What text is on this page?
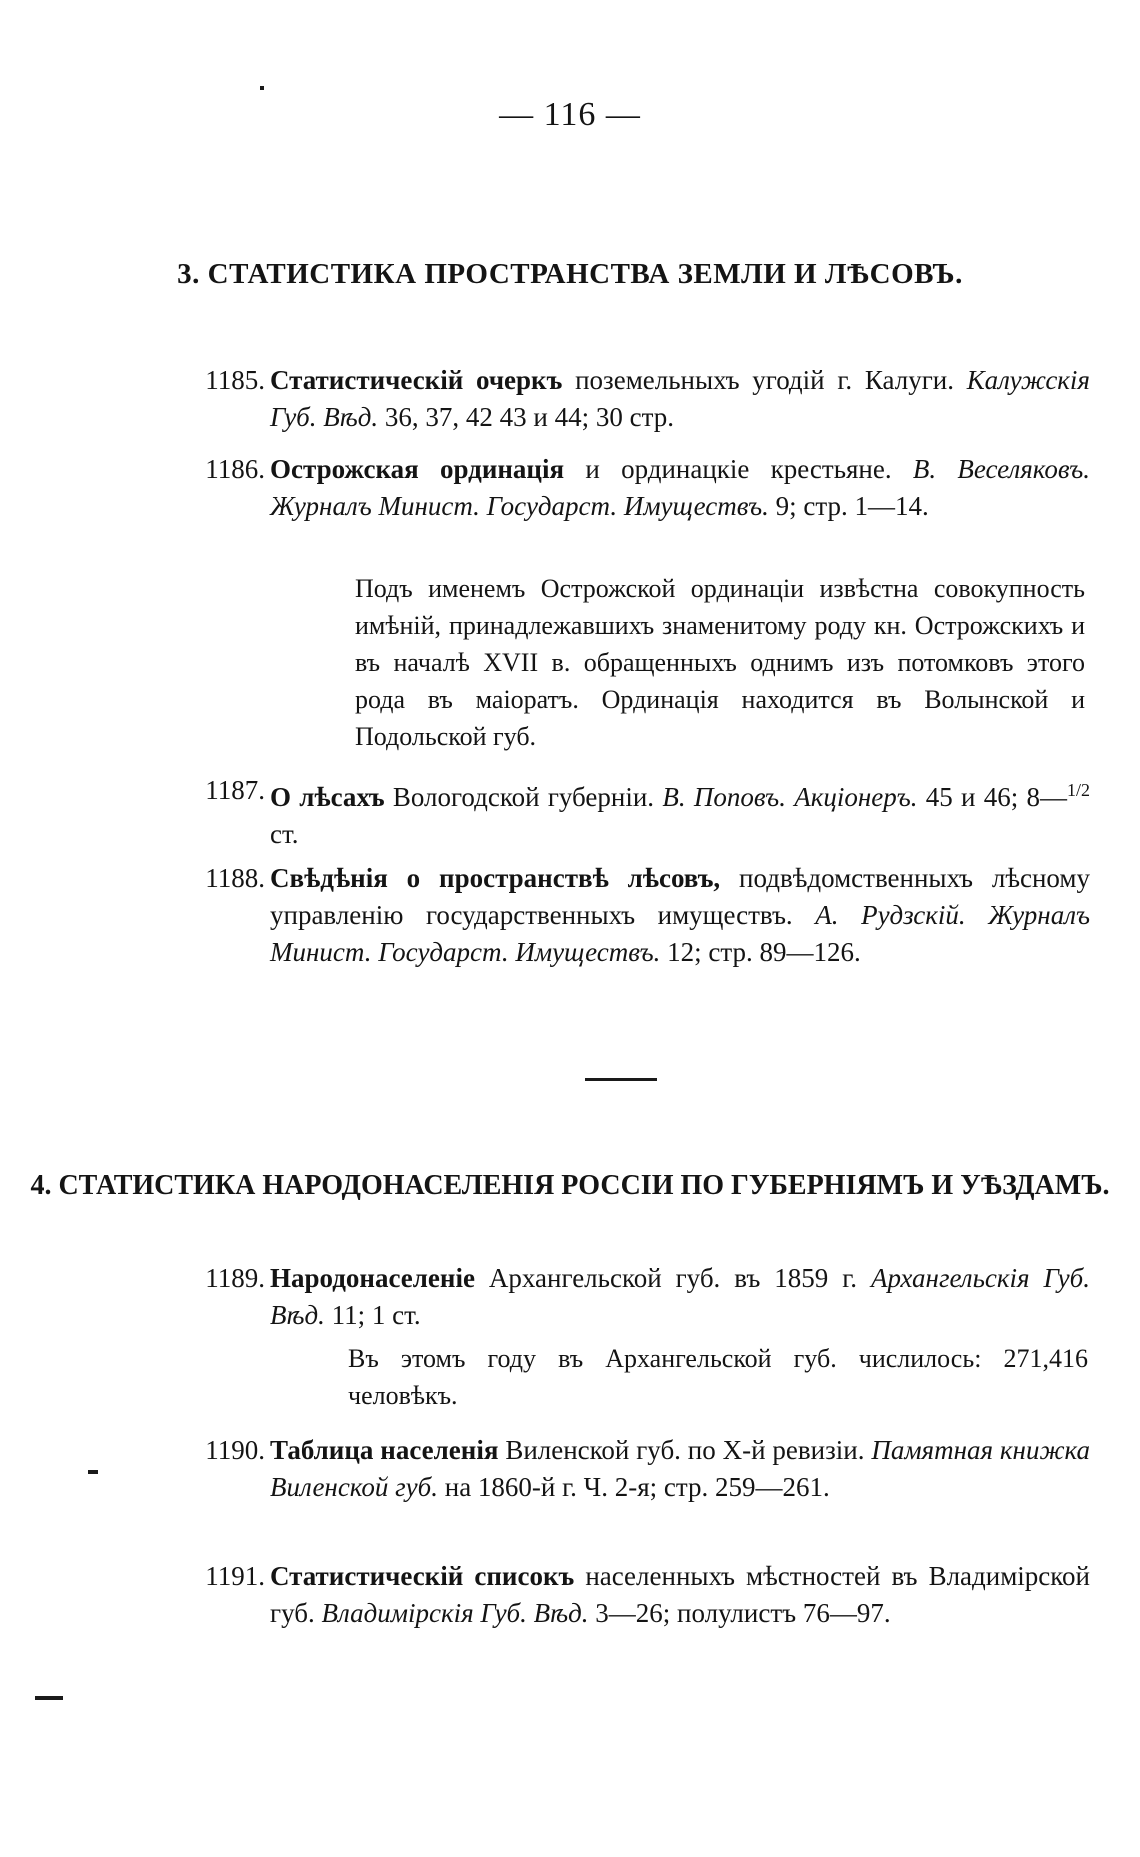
— 116 —
3. СТАТИСТИКА ПРОСТРАНСТВА ЗЕМЛИ И ЛѢСОВЪ.
1185. Статистическій очеркъ поземельныхъ угодій г. Калуги. Калужскія Губ. Вѣд. 36, 37, 42 43 и 44; 30 стр.
1186. Острожская ординація и ординацкіе крестьяне. В. Веселяковъ. Журналъ Минист. Государст. Имуществъ. 9; стр. 1—14.
Подъ именемъ Острожской ординаціи извѣстна совокупность имѣній, принадлежавшихъ знаменитому роду кн. Острожскихъ и въ началѣ XVII в. обращенныхъ однимъ изъ потомковъ этого рода въ маіоратъ. Ординація находится въ Волынской и Подольской губ.
1187. О лѣсахъ Вологодской губерніи. В. Поповъ. Акціонеръ. 45 и 46; 8—$^{1/2}$ ст.
1188. Свѣдѣнія о пространствѣ лѣсовъ, подвѣдомственныхъ лѣсному управленію государственныхъ имуществъ. А. Рудзскій. Журналъ Минист. Государст. Имуществъ. 12; стр. 89—126.
4. СТАТИСТИКА НАРОДОНАСЕЛЕНІЯ РОССІИ ПО ГУБЕРНІЯМЪ И УѢЗДАМЪ.
1189. Народонаселеніе Архангельской губ. въ 1859 г. Архангельскія Губ. Вѣд. 11; 1 ст.
Въ этомъ году въ Архангельской губ. числилось: 271,416 человѣкъ.
1190. Таблица населенія Виленской губ. по Х-й ревизіи. Памятная книжка Виленской губ. на 1860-й г. Ч. 2-я; стр. 259—261.
1191. Статистическій списокъ населенныхъ мѣстностей въ Владимірской губ. Владимірскія Губ. Вѣд. 3—26; полулистъ 76—97.
